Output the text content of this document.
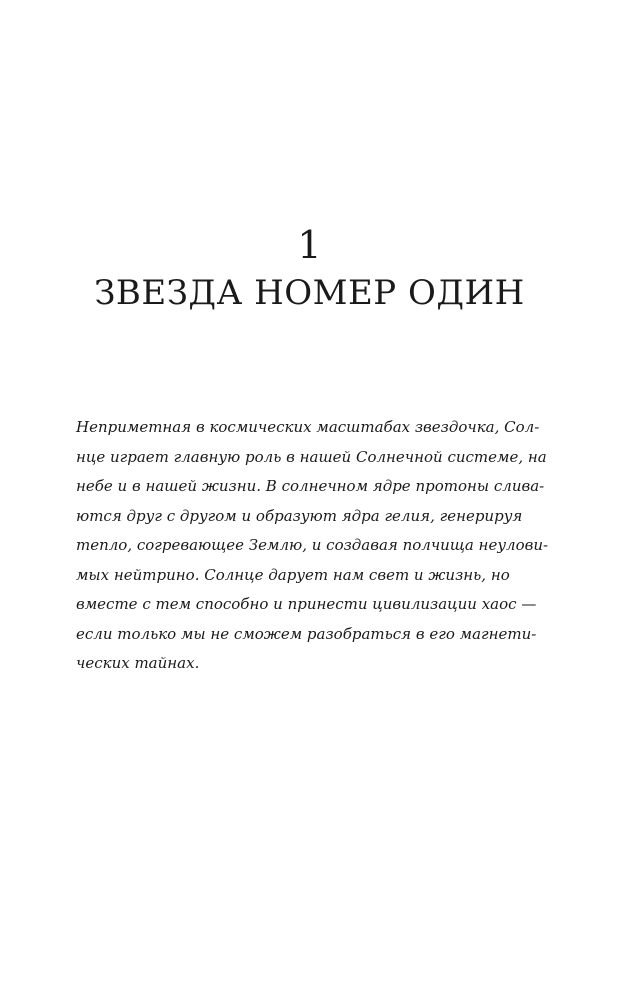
1
ЗВЕЗДА НОМЕР ОДИН
Неприметная в космических масштабах звездочка, Сол-
нце играет главную роль в нашей Солнечной системе, на
небе и в нашей жизни. В солнечном ядре протоны слива-
ются друг с другом и образуют ядра гелия, генерируя
тепло, согревающее Землю, и создавая полчища неулови-
мых нейтрино. Солнце дарует нам свет и жизнь, но
вместе с тем способно и принести цивилизации хаос —
если только мы не сможем разобраться в его магнети-
ческих тайнах.
